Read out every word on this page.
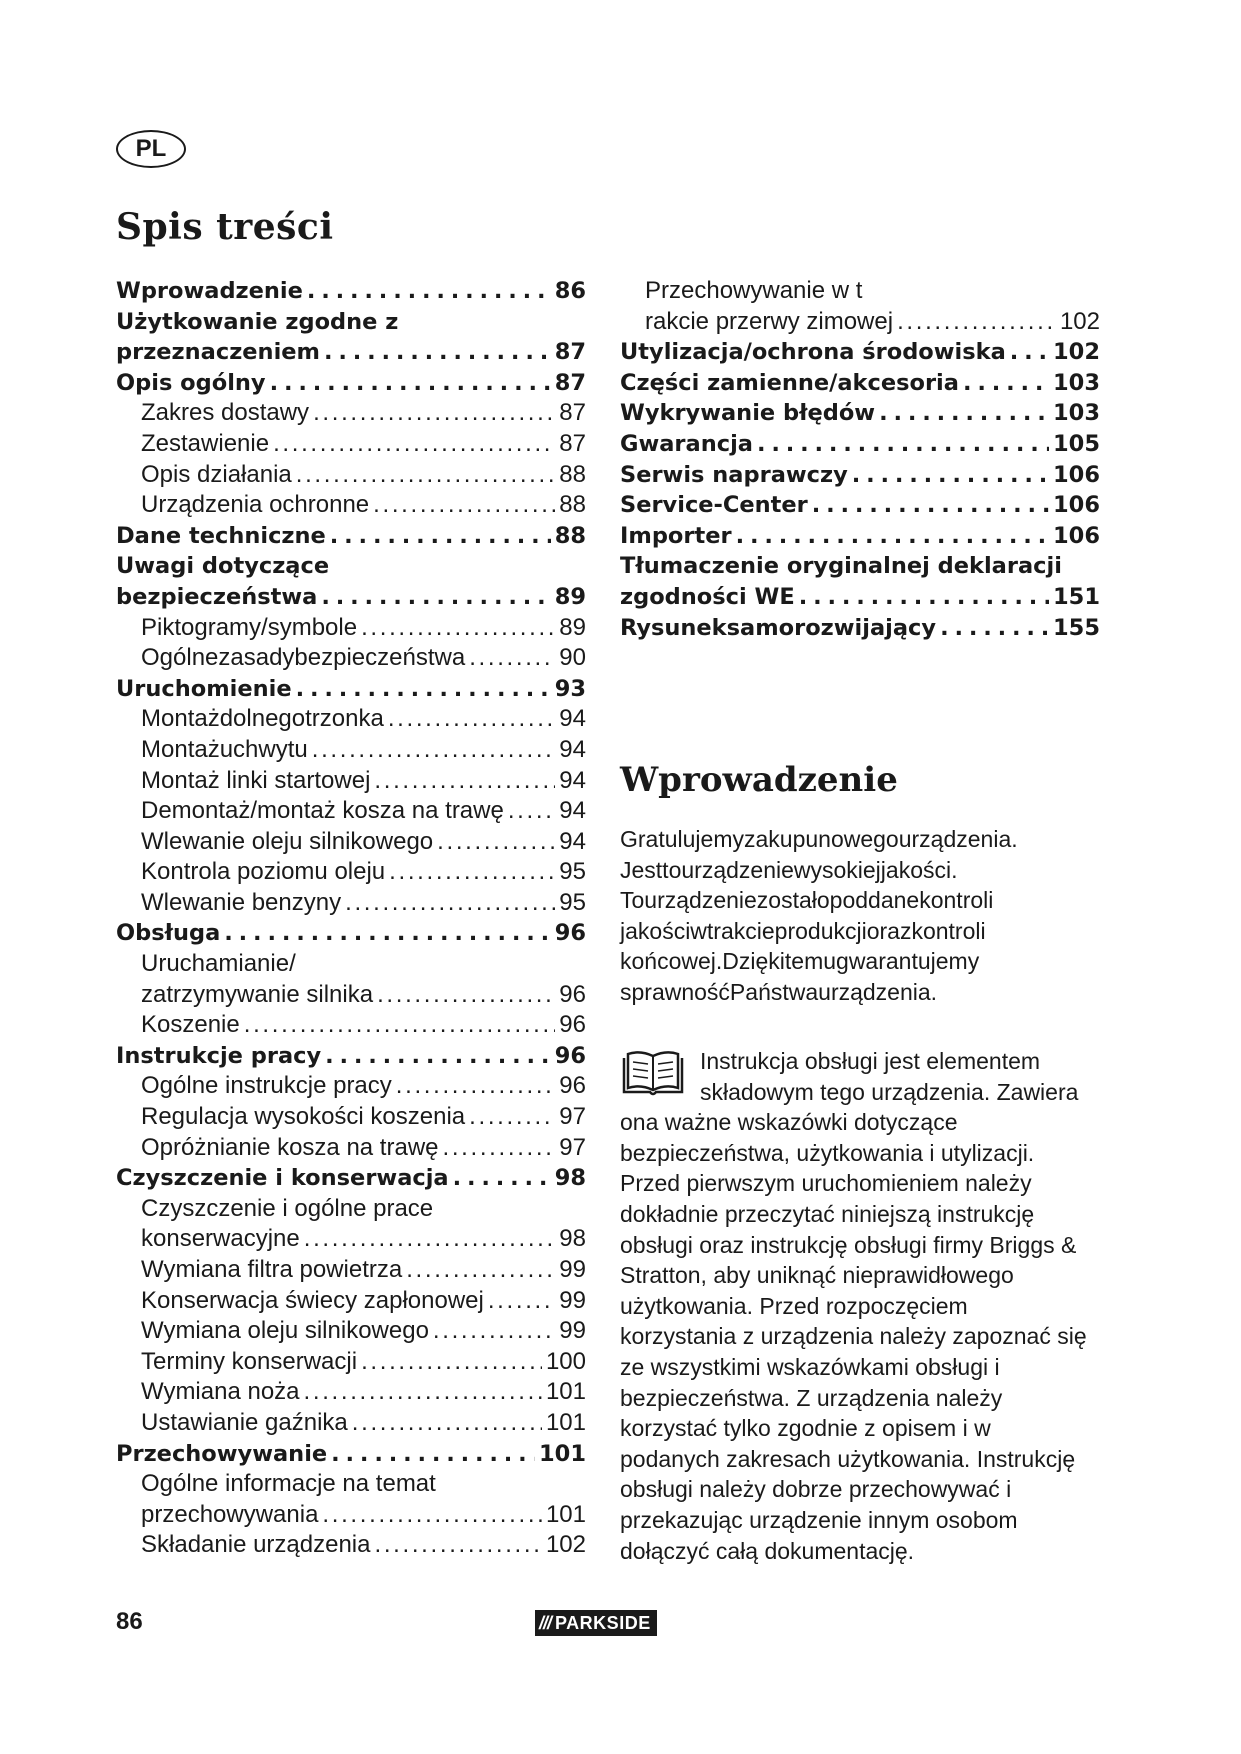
PL
Spis treści
Wprowadzenie . . .	86
Użytkowanie zgodne z
przeznaczeniem . . .	87
Opis ogólny . . .	87
Zakres dostawy . . .	87
Zestawienie . . .	87
Opis działania . . .	88
Urządzenia ochronne . . .	88
Dane techniczne . . .	88
Uwagi dotyczące
bezpieczeństwa . . .	89
Piktogramy/symbole . . .	89
Ogólnezasadybezpieczeństwa . . .	90
Uruchomienie . . .	93
Montażdolnegotrzonka . . .	94
Montażuchwytu . . .	94
Montaż linki startowej . . .	94
Demontaż/montaż kosza na trawę . . . 94
Wlewanie oleju silnikowego . . .	94
Kontrola poziomu oleju . . .	95
Wlewanie benzyny . . .	95
Obsługa . . .	96
Uruchamianie/
zatrzymywanie silnika . . .	96
Koszenie . . .	96
Instrukcje pracy . . .	96
Ogólne instrukcje pracy . . .	96
Regulacja wysokości koszenia . . .	97
Opróżnianie kosza na trawę . . .	97
Czyszczenie i konserwacja . . .	98
Czyszczenie i ogólne prace
konserwacyjne . . .	98
Wymiana filtra powietrza . . .	99
Konserwacja świecy zapłonowej . . .	99
Wymiana oleju silnikowego . . .	99
Terminy konserwacji . . .	100
Wymiana noża . . .	101
Ustawianie gaźnika . . .	101
Przechowywanie . . .	101
Ogólne informacje na temat
przechowywania . . .	101
Składanie urządzenia . . .	102
Przechowywanie w t
rakcie przerwy zimowej . . .	102
Utylizacja/ochrona środowiska . . . 102
Części zamienne/akcesoria . . .	103
Wykrywanie błędów . . .	103
Gwarancja . . .	105
Serwis naprawczy . . .	106
Service-Center . . .	106
Importer . . .	106
Tłumaczenie oryginalnej deklaracji
zgodności WE . . .	151
Rysuneksamorozwijający . . .	155
Wprowadzenie

Gratulujemyzakupunowegourządzenia. Jesttourządzeniewysokiejjakości. Tourządzeniezostałopoddanekontroli jakościwtrakcieprodukcjiorazkontroli końcowej.Dziękitemugwarantujemy sprawnośćPaństwaurządzenia.

Instrukcja obsługi jest elementem składowym tego urządzenia. Zawiera ona ważne wskazówki dotyczące bezpieczeństwa, użytkowania i utylizacji. Przed pierwszym uruchomieniem należy dokładnie przeczytać niniejszą instrukcję obsługi oraz instrukcję obsługi firmy Briggs & Stratton, aby uniknąć nieprawidłowego użytkowania. Przed rozpoczęciem korzystania z urządzenia należy zapoznać się ze wszystkimi wskazówkami obsługi i bezpieczeństwa. Z urządzenia należy korzystać tylko zgodnie z opisem i w podanych zakresach użytkowania. Instrukcję obsługi należy dobrze przechowywać i przekazując urządzenie innym osobom dołączyć całą dokumentację.
86	/// PARKSIDE
